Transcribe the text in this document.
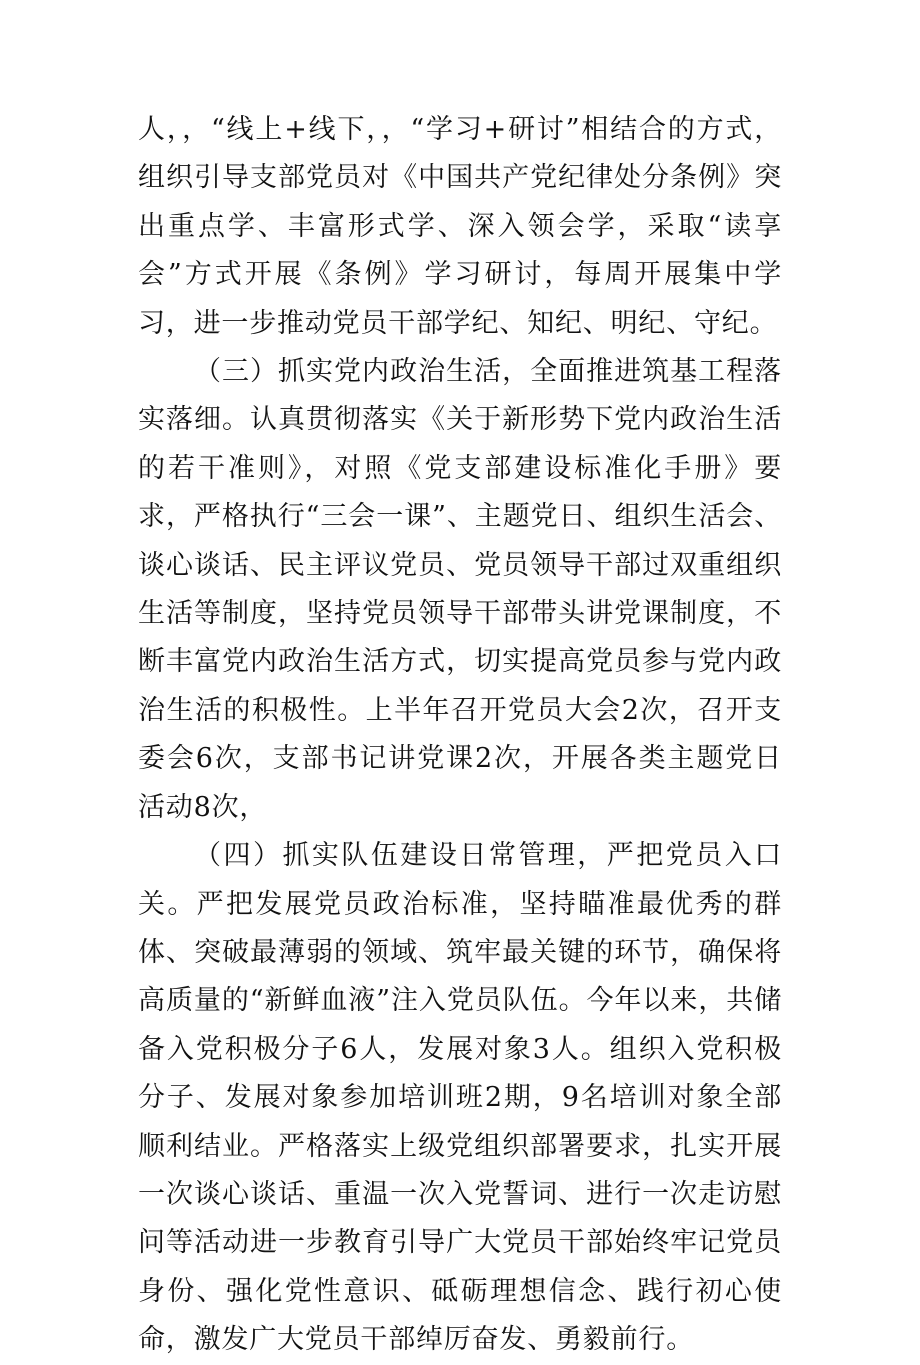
人，，“线上+线下，，“学习+研讨”相结合的方式，组织引导支部党员对《中国共产党纪律处分条例》突出重点学、丰富形式学、深入领会学，采取“读享会”方式开展《条例》学习研讨，每周开展集中学习，进一步推动党员干部学纪、知纪、明纪、守纪。

（三）抓实党内政治生活，全面推进筑基工程落实落细。认真贯彻落实《关于新形势下党内政治生活的若干准则》，对照《党支部建设标准化手册》要求，严格执行“三会一课”、主题党日、组织生活会、谈心谈话、民主评议党员、党员领导干部过双重组织生活等制度，坚持党员领导干部带头讲党课制度，不断丰富党内政治生活方式，切实提高党员参与党内政治生活的积极性。上半年召开党员大会2次，召开支委会6次，支部书记讲党课2次，开展各类主题党日活动8次，

（四）抓实队伍建设日常管理，严把党员入口关。严把发展党员政治标准，坚持瞄准最优秀的群体、突破最薄弱的领域、筑牢最关键的环节，确保将高质量的“新鲜血液”注入党员队伍。今年以来，共储备入党积极分子6人，发展对象3人。组织入党积极分子、发展对象参加培训班2期，9名培训对象全部顺利结业。严格落实上级党组织部署要求，扎实开展一次谈心谈话、重温一次入党誓词、进行一次走访慰问等活动进一步教育引导广大党员干部始终牢记党员身份、强化党性意识、砥砺理想信念、践行初心使命，激发广大党员干部绰厉奋发、勇毅前行。
